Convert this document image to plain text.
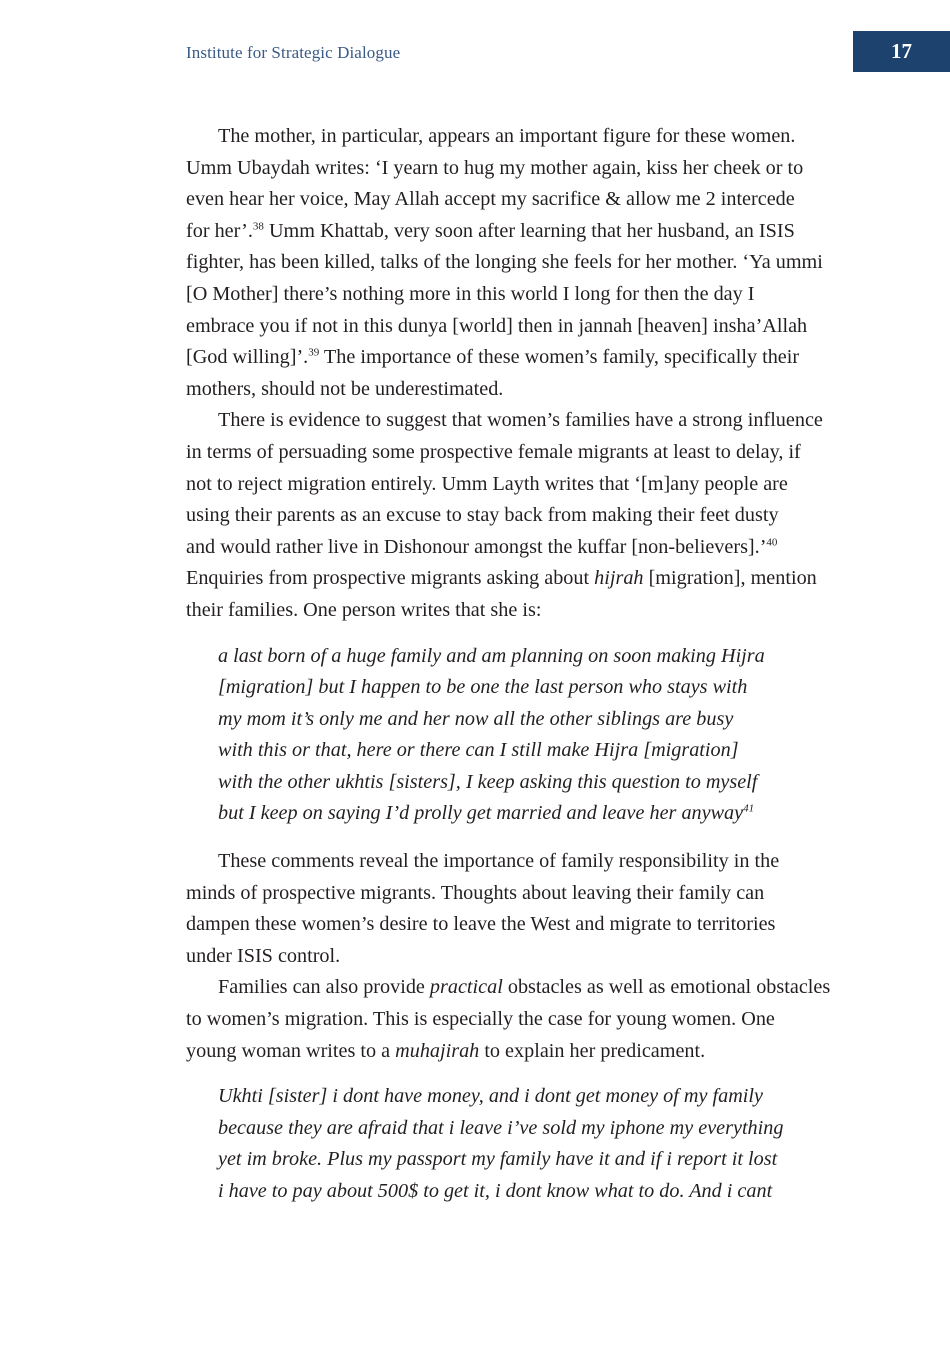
Institute for Strategic Dialogue	17

The mother, in particular, appears an important figure for these women.
Umm Ubaydah writes: ‘I yearn to hug my mother again, kiss her cheek or to
even hear her voice, May Allah accept my sacrifice & allow me 2 intercede
for her’.$^{38}$ Umm Khattab, very soon after learning that her husband, an ISIS
fighter, has been killed, talks of the longing she feels for her mother. ‘Ya ummi
[O Mother] there’s nothing more in this world I long for then the day I
embrace you if not in this dunya [world] then in jannah [heaven] insha’Allah
[God willing]’.$^{39}$ The importance of these women’s family, specifically their
mothers, should not be underestimated.

There is evidence to suggest that women’s families have a strong influence
in terms of persuading some prospective female migrants at least to delay, if
not to reject migration entirely. Umm Layth writes that ‘[m]any people are
using their parents as an excuse to stay back from making their feet dusty
and would rather live in Dishonour amongst the kuffar [non-believers].’$^{40}$
Enquiries from prospective migrants asking about hijrah [migration], mention
their families. One person writes that she is:

a last born of a huge family and am planning on soon making Hijra
[migration] but I happen to be one the last person who stays with
my mom it’s only me and her now all the other siblings are busy
with this or that, here or there can I still make Hijra [migration]
with the other ukhtis [sisters], I keep asking this question to myself
but I keep on saying I’d prolly get married and leave her anyway$^{41}$

These comments reveal the importance of family responsibility in the
minds of prospective migrants. Thoughts about leaving their family can
dampen these women’s desire to leave the West and migrate to territories
under ISIS control.

Families can also provide practical obstacles as well as emotional obstacles
to women’s migration. This is especially the case for young women. One
young woman writes to a muhajirah to explain her predicament.

Ukhti [sister] i dont have money, and i dont get money of my family
because they are afraid that i leave i’ve sold my iphone my everything
yet im broke. Plus my passport my family have it and if i report it lost
i have to pay about 500$ to get it, i dont know what to do. And i cant
